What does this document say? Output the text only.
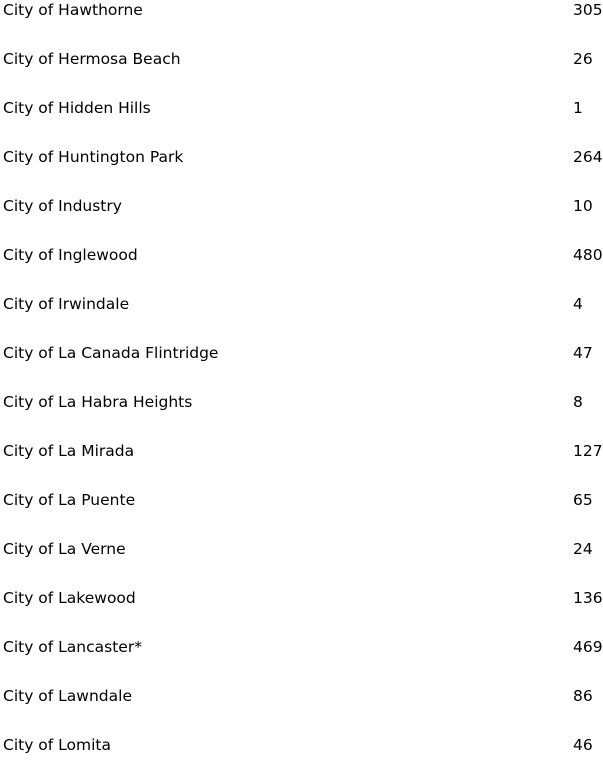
City of Hawthorne	305
City of Hermosa Beach	26
City of Hidden Hills	1
City of Huntington Park	264
City of Industry	10
City of Inglewood	480
City of Irwindale	4
City of La Canada Flintridge	47
City of La Habra Heights	8
City of La Mirada	127
City of La Puente	65
City of La Verne	24
City of Lakewood	136
City of Lancaster*	469
City of Lawndale	86
City of Lomita	46
